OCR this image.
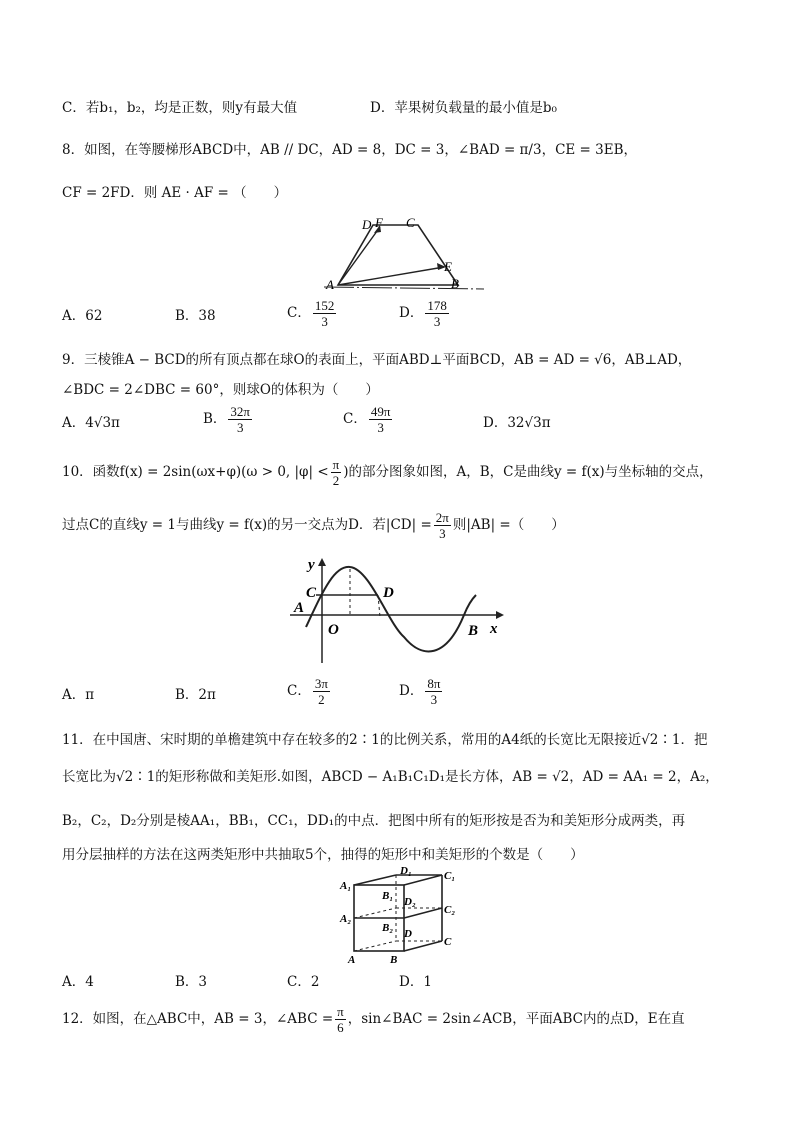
C．若b₁，b₂，均是正数，则y有最大值	D．苹果树负载量的最小值是b₀
8．如图，在等腰梯形ABCD中，AB // DC，AD = 8，DC = 3，∠BAD = π/3，CE = 3EB，
CF = 2FD．则 AE · AF = （　　）
D F C
A
E
B
A．62	B．38	C． $\frac{152}{3}$	D． $\frac{178}{3}$
9．三棱锥A − BCD的所有顶点都在球O的表面上，平面ABD⊥平面BCD，AB = AD = √6，AB⊥AD，
∠BDC = 2∠DBC = 60°，则球O的体积为（　　）
A．4√3π	B． $\frac{32\pi}{3}$	C． $\frac{49\pi}{3}$	D．32√3π
10．函数f(x) = 2sin(ωx+φ)(ω > 0, $|\varphi| < \frac{\pi}{2}$ )的部分图象如图，A，B，C是曲线y = f(x)与坐标轴的交点，
过点C的直线y = 1与曲线y = f(x)的另一交点为D．若$|CD| = \frac{2\pi}{3}$ 则|AB| =（　　）
y
C	D
A
O	B x
A．π	B．2π	C． $\frac{3\pi}{2}$	D． $\frac{8\pi}{3}$
11．在中国唐、宋时期的单檐建筑中存在较多的2∶1的比例关系，常用的A4纸的长宽比无限接近√2∶1．把
长宽比为√2∶1的矩形称做和美矩形.如图，ABCD − A₁B₁C₁D₁是长方体，AB = √2，AD = AA₁ = 2，A₂，
B₂，C₂，D₂分别是棱AA₁，BB₁，CC₁，DD₁的中点．把图中所有的矩形按是否为和美矩形分成两类，再
用分层抽样的方法在这两类矩形中共抽取5个，抽得的矩形中和美矩形的个数是（　　）
A₁
D₁	C₁
B₁ D₂
A₂
C₂
B₂ D
C
A	B
A．4	B．3	C．2	D．1
12．如图，在△ABC中，AB = 3，∠ABC = $\frac{\pi}{6}$ ，sin∠BAC = 2sin∠ACB，平面ABC内的点D，E在直
